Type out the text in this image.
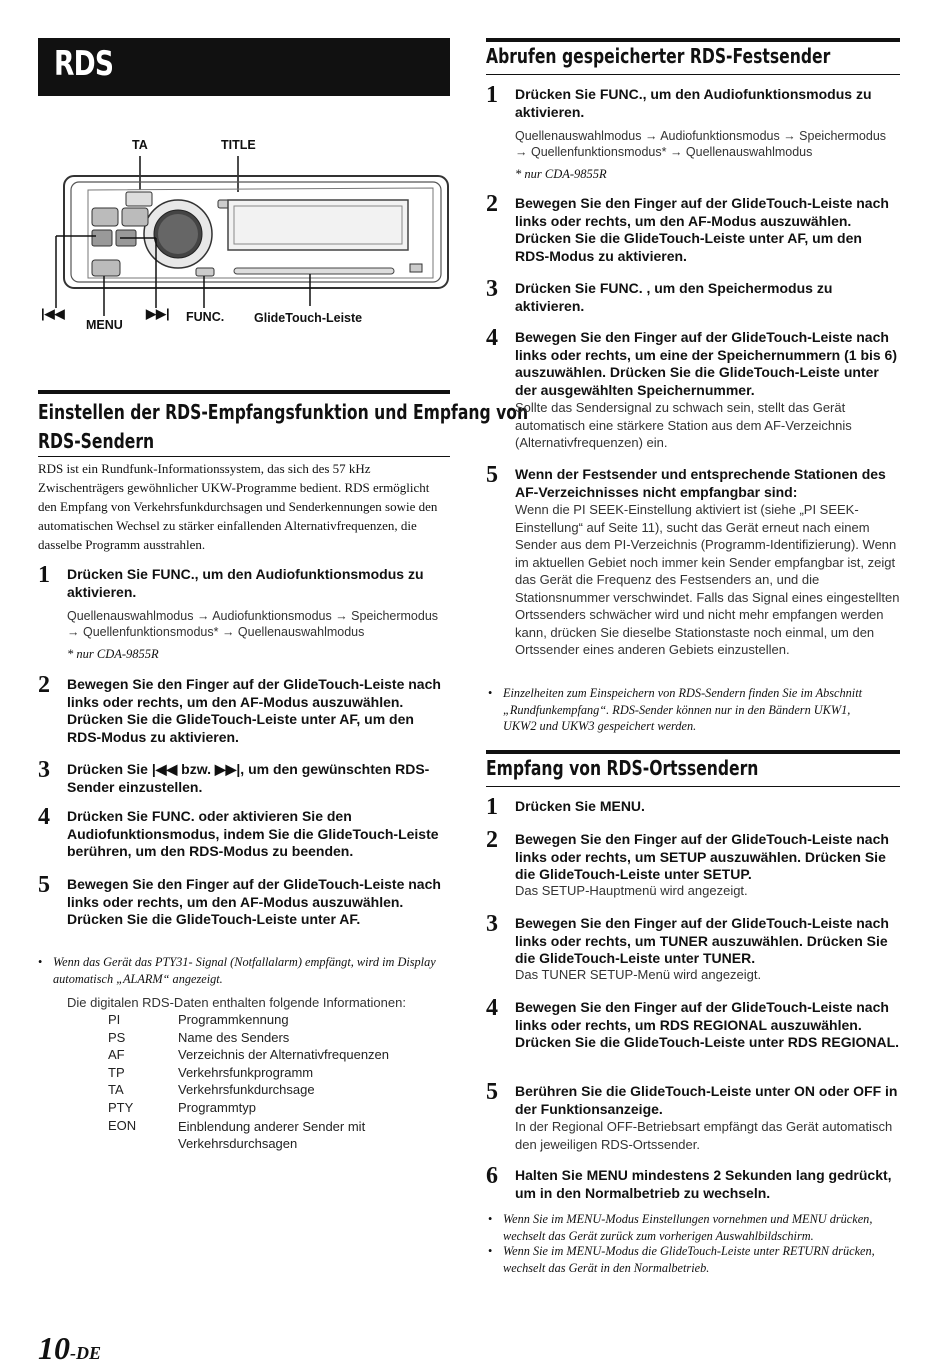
RDS
TA	TITLE
|◀◀
MENU
▶▶| FUNC. GlideTouch-Leiste
Einstellen der RDS-Empfangsfunktion und Empfang von
RDS-Sendern
RDS ist ein Rundfunk-Informationssystem, das sich des 57 kHz Zwischenträgers gewöhnlicher UKW-Programme bedient. RDS ermöglicht den Empfang von Verkehrsfunkdurchsagen und Senderkennungen sowie den automatischen Wechsel zu stärker einfallenden Alternativfrequenzen, die dasselbe Programm ausstrahlen.
1 Drücken Sie FUNC., um den Audiofunktionsmodus zu aktivieren.
Quellenauswahlmodus → Audiofunktionsmodus → Speichermodus → Quellenfunktionsmodus* → Quellenauswahlmodus
* nur CDA-9855R
2 Bewegen Sie den Finger auf der GlideTouch-Leiste nach links oder rechts, um den AF-Modus auszuwählen. Drücken Sie die GlideTouch-Leiste unter AF, um den RDS-Modus zu aktivieren.
3 Drücken Sie |◀◀ bzw. ▶▶|, um den gewünschten RDS-Sender einzustellen.
4 Drücken Sie FUNC. oder aktivieren Sie den Audiofunktionsmodus, indem Sie die GlideTouch-Leiste berühren, um den RDS-Modus zu beenden.
5 Bewegen Sie den Finger auf der GlideTouch-Leiste nach links oder rechts, um den AF-Modus auszuwählen. Drücken Sie die GlideTouch-Leiste unter AF.
• Wenn das Gerät das PTY31- Signal (Notfallalarm) empfängt, wird im Display automatisch „ALARM“ angezeigt.
Die digitalen RDS-Daten enthalten folgende Informationen:
PI	Programmkennung
PS	Name des Senders
AF	Verzeichnis der Alternativfrequenzen
TP	Verkehrsfunkprogramm
TA	Verkehrsfunkdurchsage
PTY	Programmtyp
EON	Einblendung anderer Sender mit Verkehrsdurchsagen
Abrufen gespeicherter RDS-Festsender
1 Drücken Sie FUNC., um den Audiofunktionsmodus zu aktivieren.
Quellenauswahlmodus → Audiofunktionsmodus → Speichermodus → Quellenfunktionsmodus* → Quellenauswahlmodus
* nur CDA-9855R
2 Bewegen Sie den Finger auf der GlideTouch-Leiste nach links oder rechts, um den AF-Modus auszuwählen. Drücken Sie die GlideTouch-Leiste unter AF, um den RDS-Modus zu aktivieren.
3 Drücken Sie FUNC. , um den Speichermodus zu aktivieren.
4 Bewegen Sie den Finger auf der GlideTouch-Leiste nach links oder rechts, um eine der Speichernummern (1 bis 6) auszuwählen. Drücken Sie die GlideTouch-Leiste unter der ausgewählten Speichernummer.
Sollte das Sendersignal zu schwach sein, stellt das Gerät automatisch eine stärkere Station aus dem AF-Verzeichnis (Alternativfrequenzen) ein.
5 Wenn der Festsender und entsprechende Stationen des AF-Verzeichnisses nicht empfangbar sind:
Wenn die PI SEEK-Einstellung aktiviert ist (siehe „PI SEEK-Einstellung“ auf Seite 11), sucht das Gerät erneut nach einem Sender aus dem PI-Verzeichnis (Programm-Identifizierung). Wenn im aktuellen Gebiet noch immer kein Sender empfangbar ist, zeigt das Gerät die Frequenz des Festsenders an, und die Stationsnummer verschwindet. Falls das Signal eines eingestellten Ortssenders schwächer wird und nicht mehr empfangen werden kann, drücken Sie dieselbe Stationstaste noch einmal, um den Ortssender eines anderen Gebiets einzustellen.
• Einzelheiten zum Einspeichern von RDS-Sendern finden Sie im Abschnitt „Rundfunkempfang“. RDS-Sender können nur in den Bändern UKW1, UKW2 und UKW3 gespeichert werden.
Empfang von RDS-Ortssendern
1 Drücken Sie MENU.
2 Bewegen Sie den Finger auf der GlideTouch-Leiste nach links oder rechts, um SETUP auszuwählen. Drücken Sie die GlideTouch-Leiste unter SETUP.
Das SETUP-Hauptmenü wird angezeigt.
3 Bewegen Sie den Finger auf der GlideTouch-Leiste nach links oder rechts, um TUNER auszuwählen. Drücken Sie die GlideTouch-Leiste unter TUNER.
Das TUNER SETUP-Menü wird angezeigt.
4 Bewegen Sie den Finger auf der GlideTouch-Leiste nach links oder rechts, um RDS REGIONAL auszuwählen. Drücken Sie die GlideTouch-Leiste unter RDS REGIONAL.
5 Berühren Sie die GlideTouch-Leiste unter ON oder OFF in der Funktionsanzeige.
In der Regional OFF-Betriebsart empfängt das Gerät automatisch den jeweiligen RDS-Ortssender.
6 Halten Sie MENU mindestens 2 Sekunden lang gedrückt, um in den Normalbetrieb zu wechseln.
• Wenn Sie im MENU-Modus Einstellungen vornehmen und MENU drücken, wechselt das Gerät zurück zum vorherigen Auswahlbildschirm.
• Wenn Sie im MENU-Modus die GlideTouch-Leiste unter RETURN drücken, wechselt das Gerät in den Normalbetrieb.
10-DE
